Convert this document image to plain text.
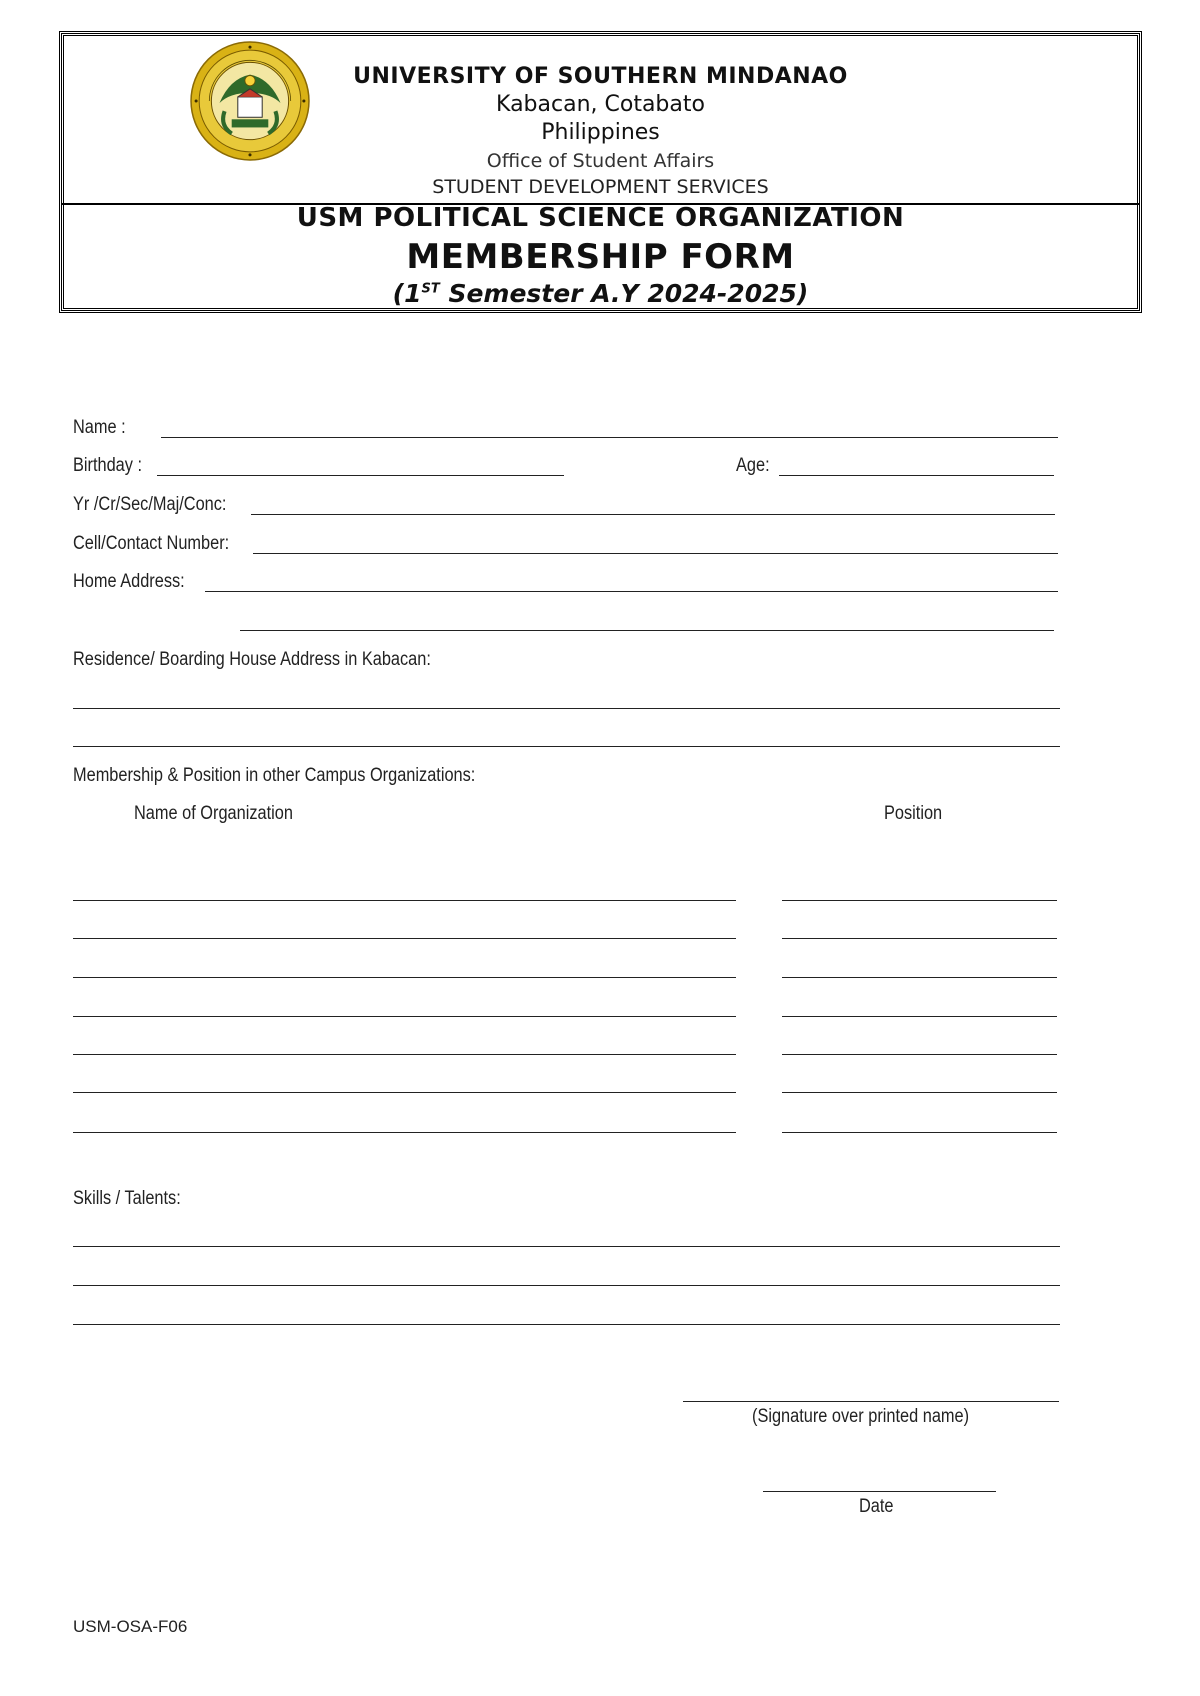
UNIVERSITY OF SOUTHERN MINDANAO
Kabacan, Cotabato
Philippines
Office of Student Affairs
STUDENT DEVELOPMENT SERVICES
USM POLITICAL SCIENCE ORGANIZATION
MEMBERSHIP FORM
(1ST Semester A.Y 2024-2025)
Name :
Birthday :	Age:
Yr /Cr/Sec/Maj/Conc:
Cell/Contact Number:
Home Address:
Residence/ Boarding House Address in Kabacan:
Membership & Position in other Campus Organizations:
Name of Organization	Position
Skills / Talents:
(Signature over printed name)
Date
USM-OSA-F06
